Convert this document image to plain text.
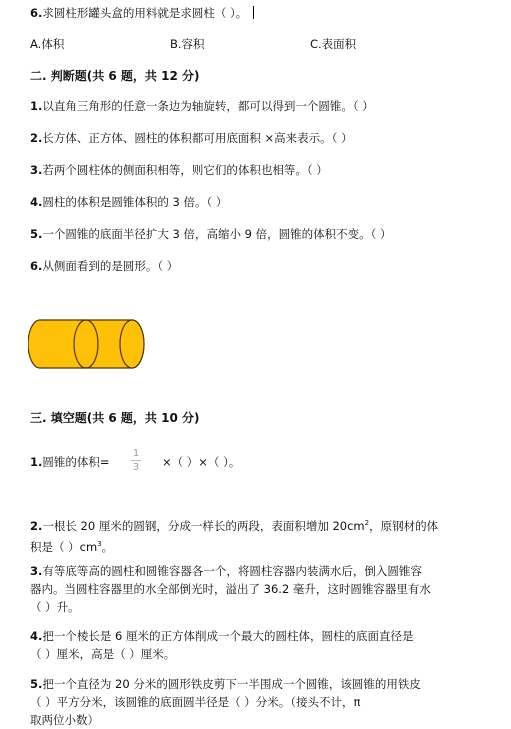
6.求圆柱形罐头盒的用料就是求圆柱（ ）。
A.体积	B.容积	C.表面积
二. 判断题(共 6 题，共 12 分)
1.以直角三角形的任意一条边为轴旋转，都可以得到一个圆锥。（ ）
2.长方体、正方体、圆柱的体积都可用底面积 ×高来表示。（ ）
3.若两个圆柱体的侧面积相等，则它们的体积也相等。（ ）
4.圆柱的体积是圆锥体积的 3 倍。（ ）
5.一个圆锥的底面半径扩大 3 倍，高缩小 9 倍，圆锥的体积不变。（ ）
6.从侧面看到的是圆形。（ ）
三. 填空题(共 6 题，共 10 分)
1.圆锥的体积=
1
3 ×（ ）×（ ）。
2.一根长 20 厘米的圆钢，分成一样长的两段，表面积增加 $20cm^2$，原钢材的体
积是（ ）$cm^3$。
3.有等底等高的圆柱和圆锥容器各一个，将圆柱容器内装满水后，倒入圆锥容
器内。当圆柱容器里的水全部倒光时，溢出了 36.2 毫升，这时圆锥容器里有水
（ ）升。
4.把一个棱长是 6 厘米的正方体削成一个最大的圆柱体，圆柱的底面直径是
（ ）厘米，高是（ ）厘米。
5.把一个直径为 20 分米的圆形铁皮剪下一半围成一个圆锥，该圆锥的用铁皮
（ ）平方分米，该圆锥的底面圆半径是（ ）分米。（接头不计，π
取两位小数）
